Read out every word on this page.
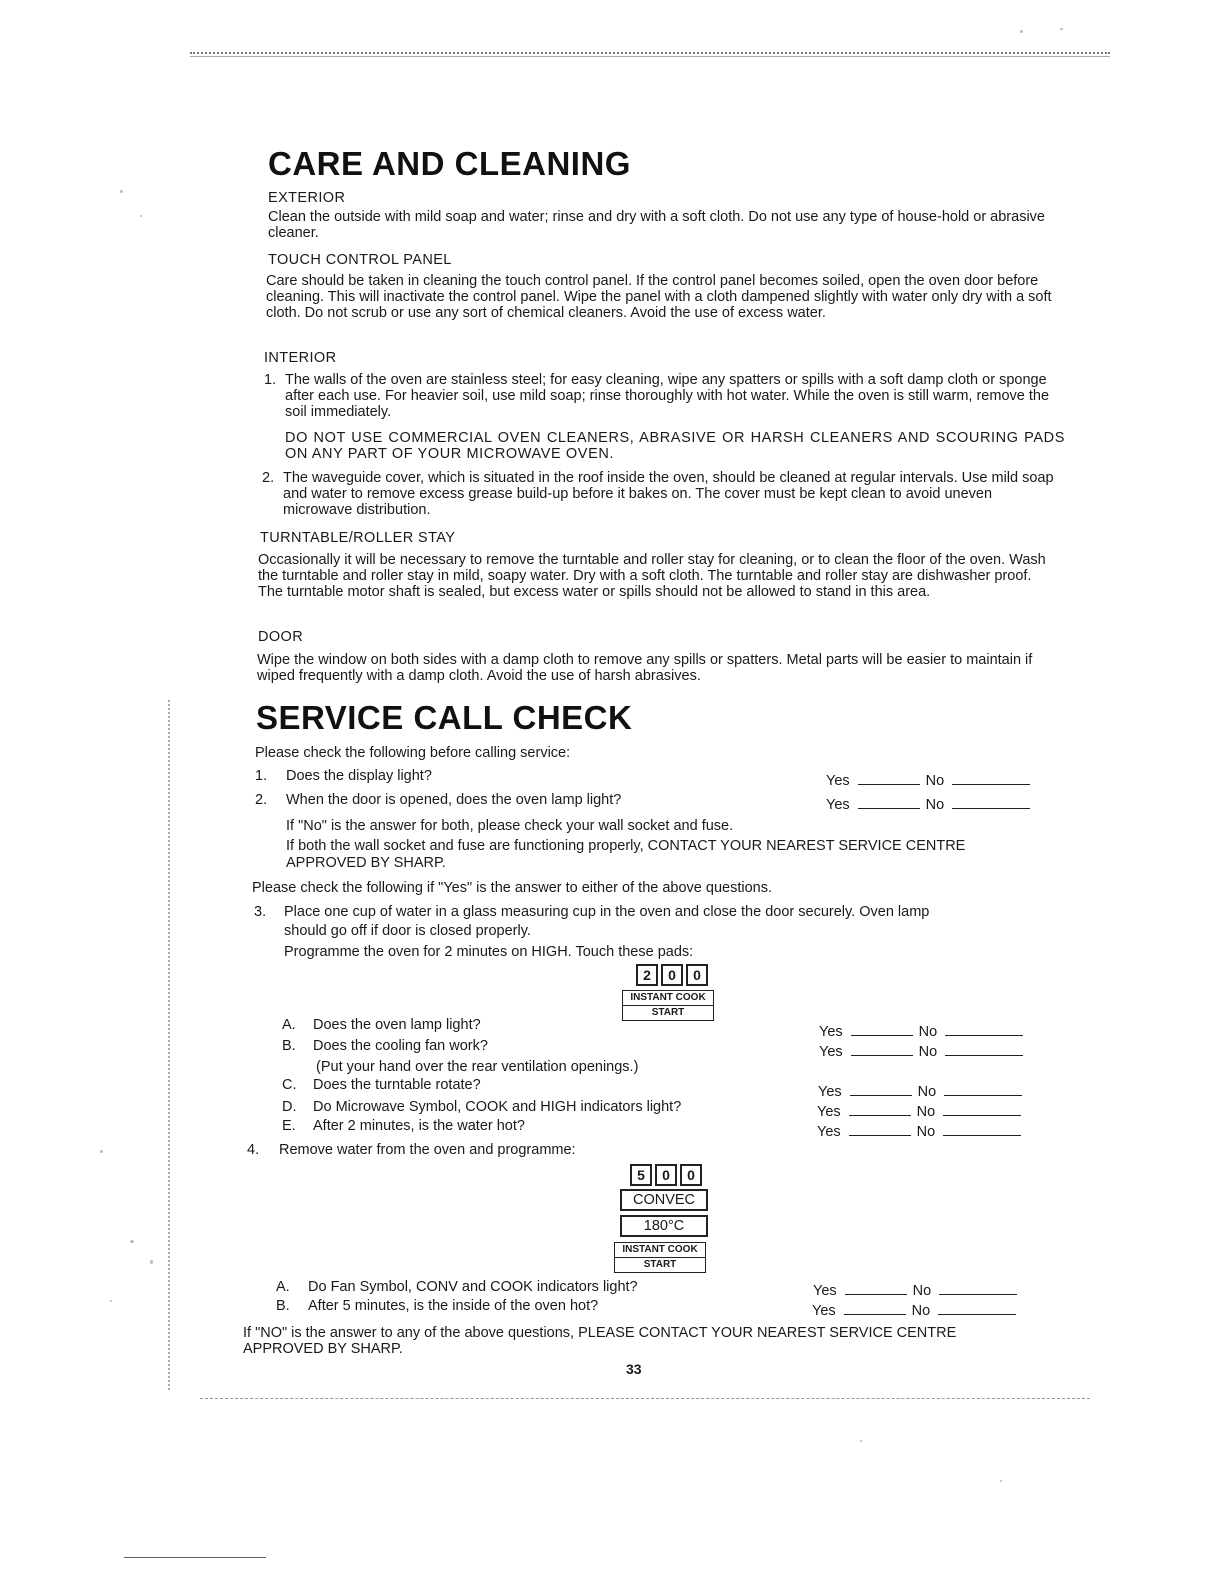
CARE AND CLEANING
EXTERIOR
Clean the outside with mild soap and water; rinse and dry with a soft cloth. Do not use any type of house-hold or abrasive cleaner.
TOUCH CONTROL PANEL
Care should be taken in cleaning the touch control panel. If the control panel becomes soiled, open the oven door before cleaning. This will inactivate the control panel. Wipe the panel with a cloth dampened slightly with water only dry with a soft cloth. Do not scrub or use any sort of chemical cleaners. Avoid the use of excess water.
INTERIOR
1. The walls of the oven are stainless steel; for easy cleaning, wipe any spatters or spills with a soft damp cloth or sponge after each use. For heavier soil, use mild soap; rinse thoroughly with hot water. While the oven is still warm, remove the soil immediately.
DO NOT USE COMMERCIAL OVEN CLEANERS, ABRASIVE OR HARSH CLEANERS AND SCOURING PADS ON ANY PART OF YOUR MICROWAVE OVEN.
2. The waveguide cover, which is situated in the roof inside the oven, should be cleaned at regular intervals. Use mild soap and water to remove excess grease build-up before it bakes on. The cover must be kept clean to avoid uneven microwave distribution.
TURNTABLE/ROLLER STAY
Occasionally it will be necessary to remove the turntable and roller stay for cleaning, or to clean the floor of the oven. Wash the turntable and roller stay in mild, soapy water. Dry with a soft cloth. The turntable and roller stay are dishwasher proof. The turntable motor shaft is sealed, but excess water or spills should not be allowed to stand in this area.
DOOR
Wipe the window on both sides with a damp cloth to remove any spills or spatters. Metal parts will be easier to maintain if wiped frequently with a damp cloth. Avoid the use of harsh abrasives.
SERVICE CALL CHECK
Please check the following before calling service:
1. Does the display light?	Yes	No
2. When the door is opened, does the oven lamp light?	Yes	No
If "No" is the answer for both, please check your wall socket and fuse.
If both the wall socket and fuse are functioning properly, CONTACT YOUR NEAREST SERVICE CENTRE
APPROVED BY SHARP.
Please check the following if "Yes" is the answer to either of the above questions.
3. Place one cup of water in a glass measuring cup in the oven and close the door securely. Oven lamp
should go off if door is closed properly.
Programme the oven for 2 minutes on HIGH. Touch these pads:
2	0	0
INSTANT COOK
START
A. Does the oven lamp light?	Yes	No
B. Does the cooling fan work?	Yes	No
(Put your hand over the rear ventilation openings.)
C. Does the turntable rotate?	Yes	No
D. Do Microwave Symbol, COOK and HIGH indicators light?	Yes	No
E. After 2 minutes, is the water hot?	Yes	No
4. Remove water from the oven and programme:
5	0	0
CONVEC
180°C
INSTANT COOK
START
A. Do Fan Symbol, CONV and COOK indicators light?	Yes	No
B. After 5 minutes, is the inside of the oven hot?	Yes	No
If "NO" is the answer to any of the above questions, PLEASE CONTACT YOUR NEAREST SERVICE CENTRE
APPROVED BY SHARP.
33
